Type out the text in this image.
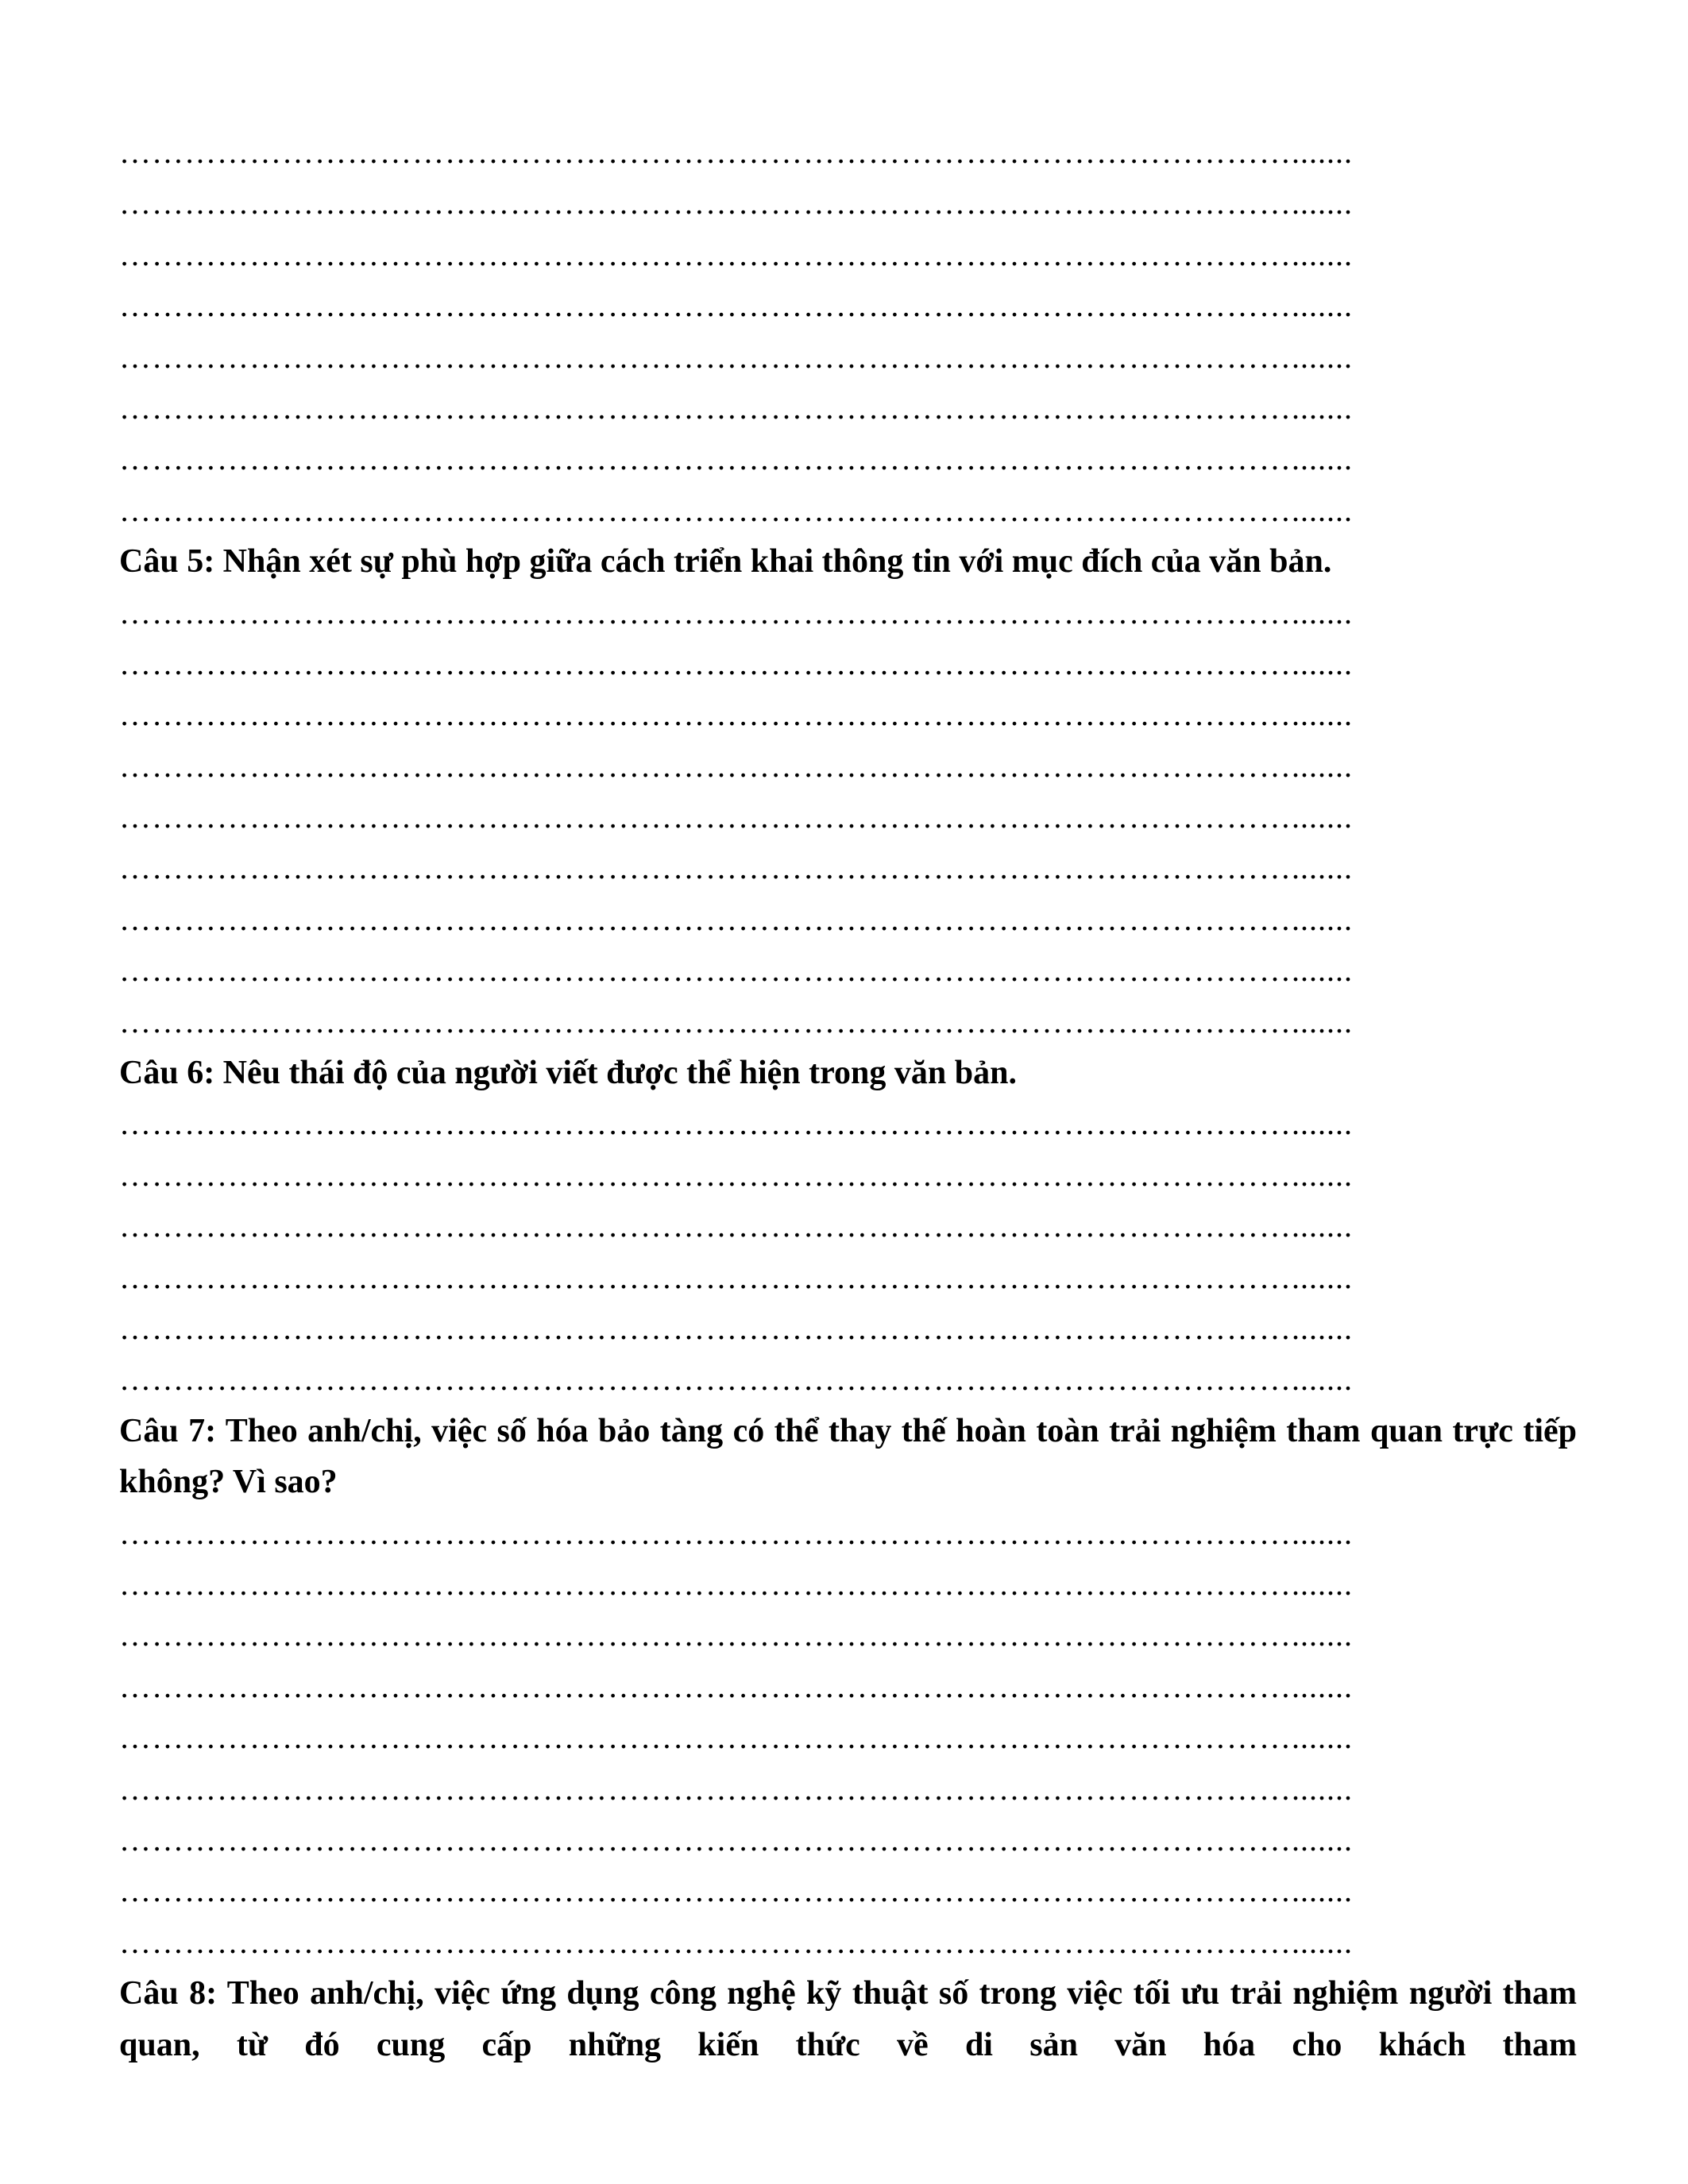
……………………………………………………………………………………………….......
……………………………………………………………………………………………….......
……………………………………………………………………………………………….......
……………………………………………………………………………………………….......
……………………………………………………………………………………………….......
……………………………………………………………………………………………….......
……………………………………………………………………………………………….......
……………………………………………………………………………………………….......

Câu 5: Nhận xét sự phù hợp giữa cách triển khai thông tin với mục đích của văn bản.

……………………………………………………………………………………………….......
……………………………………………………………………………………………….......
……………………………………………………………………………………………….......
……………………………………………………………………………………………….......
……………………………………………………………………………………………….......
……………………………………………………………………………………………….......
……………………………………………………………………………………………….......
……………………………………………………………………………………………….......
……………………………………………………………………………………………….......

Câu 6: Nêu thái độ của người viết được thể hiện trong văn bản.

……………………………………………………………………………………………….......
……………………………………………………………………………………………….......
……………………………………………………………………………………………….......
……………………………………………………………………………………………….......
……………………………………………………………………………………………….......
……………………………………………………………………………………………….......

Câu 7: Theo anh/chị, việc số hóa bảo tàng có thể thay thế hoàn toàn trải nghiệm tham quan trực tiếp không? Vì sao?

……………………………………………………………………………………………….......
……………………………………………………………………………………………….......
……………………………………………………………………………………………….......
……………………………………………………………………………………………….......
……………………………………………………………………………………………….......
……………………………………………………………………………………………….......
……………………………………………………………………………………………….......
……………………………………………………………………………………………….......
……………………………………………………………………………………………….......

Câu 8: Theo anh/chị, việc ứng dụng công nghệ kỹ thuật số trong việc tối ưu trải nghiệm người tham quan, từ đó cung cấp những kiến thức về di sản văn hóa cho khách tham
